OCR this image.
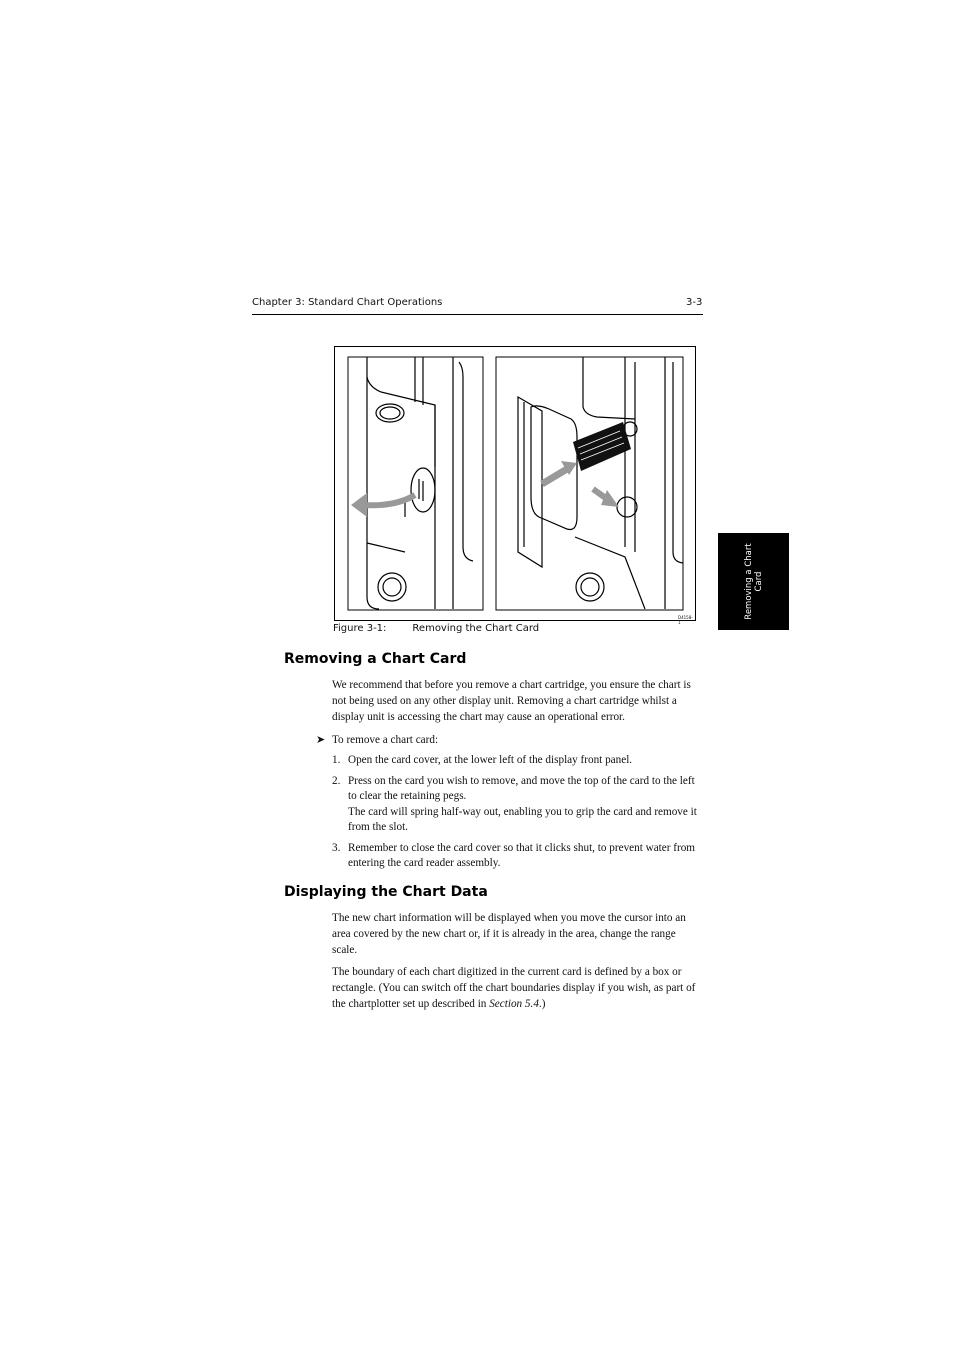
Chapter 3: Standard Chart Operations	3-3
D4158-1
Figure 3-1:	Removing the Chart Card
Removing a Chart Card
Removing a Chart Card

We recommend that before you remove a chart cartridge, you ensure the chart is not being used on any other display unit. Removing a chart cartridge whilst a display unit is accessing the chart may cause an operational error.

➤ To remove a chart card:
1. Open the card cover, at the lower left of the display front panel.
2. Press on the card you wish to remove, and move the top of the card to the left to clear the retaining pegs.
The card will spring half-way out, enabling you to grip the card and remove it from the slot.
3. Remember to close the card cover so that it clicks shut, to prevent water from entering the card reader assembly.
Displaying the Chart Data

The new chart information will be displayed when you move the cursor into an area covered by the new chart or, if it is already in the area, change the range scale.

The boundary of each chart digitized in the current card is defined by a box or rectangle. (You can switch off the chart boundaries display if you wish, as part of the chartplotter set up described in Section 5.4.)
